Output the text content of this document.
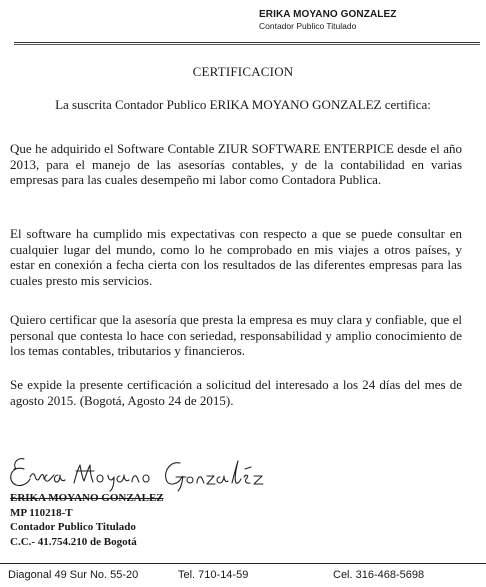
ERIKA MOYANO GONZALEZ
Contador Publico Titulado
CERTIFICACION
La suscrita Contador Publico ERIKA MOYANO GONZALEZ certifica:
Que he adquirido el Software Contable ZIUR SOFTWARE ENTERPICE desde el año 2013, para el manejo de las asesorías contables, y de la contabilidad en varias empresas para las cuales desempeño mi labor como Contadora Publica.
El software ha cumplido mis expectativas con respecto a que se puede consultar en cualquier lugar del mundo, como lo he comprobado en mis viajes a otros países, y estar en conexión a fecha cierta con los resultados de las diferentes empresas para las cuales presto mis servicios.
Quiero certificar que la asesoría que presta la empresa es muy clara y confiable, que el personal que contesta lo hace con seriedad, responsabilidad y amplio conocimiento de los temas contables, tributarios y financieros.
Se expide la presente certificación a solicitud del interesado a los 24 días del mes de agosto 2015. (Bogotá, Agosto 24 de 2015).
ERIKA MOYANO GONZALEZ
MP 110218-T
Contador Publico Titulado
C.C.- 41.754.210 de Bogotá
Diagonal 49 Sur No. 55-20	Tel. 710-14-59	Cel. 316-468-5698
